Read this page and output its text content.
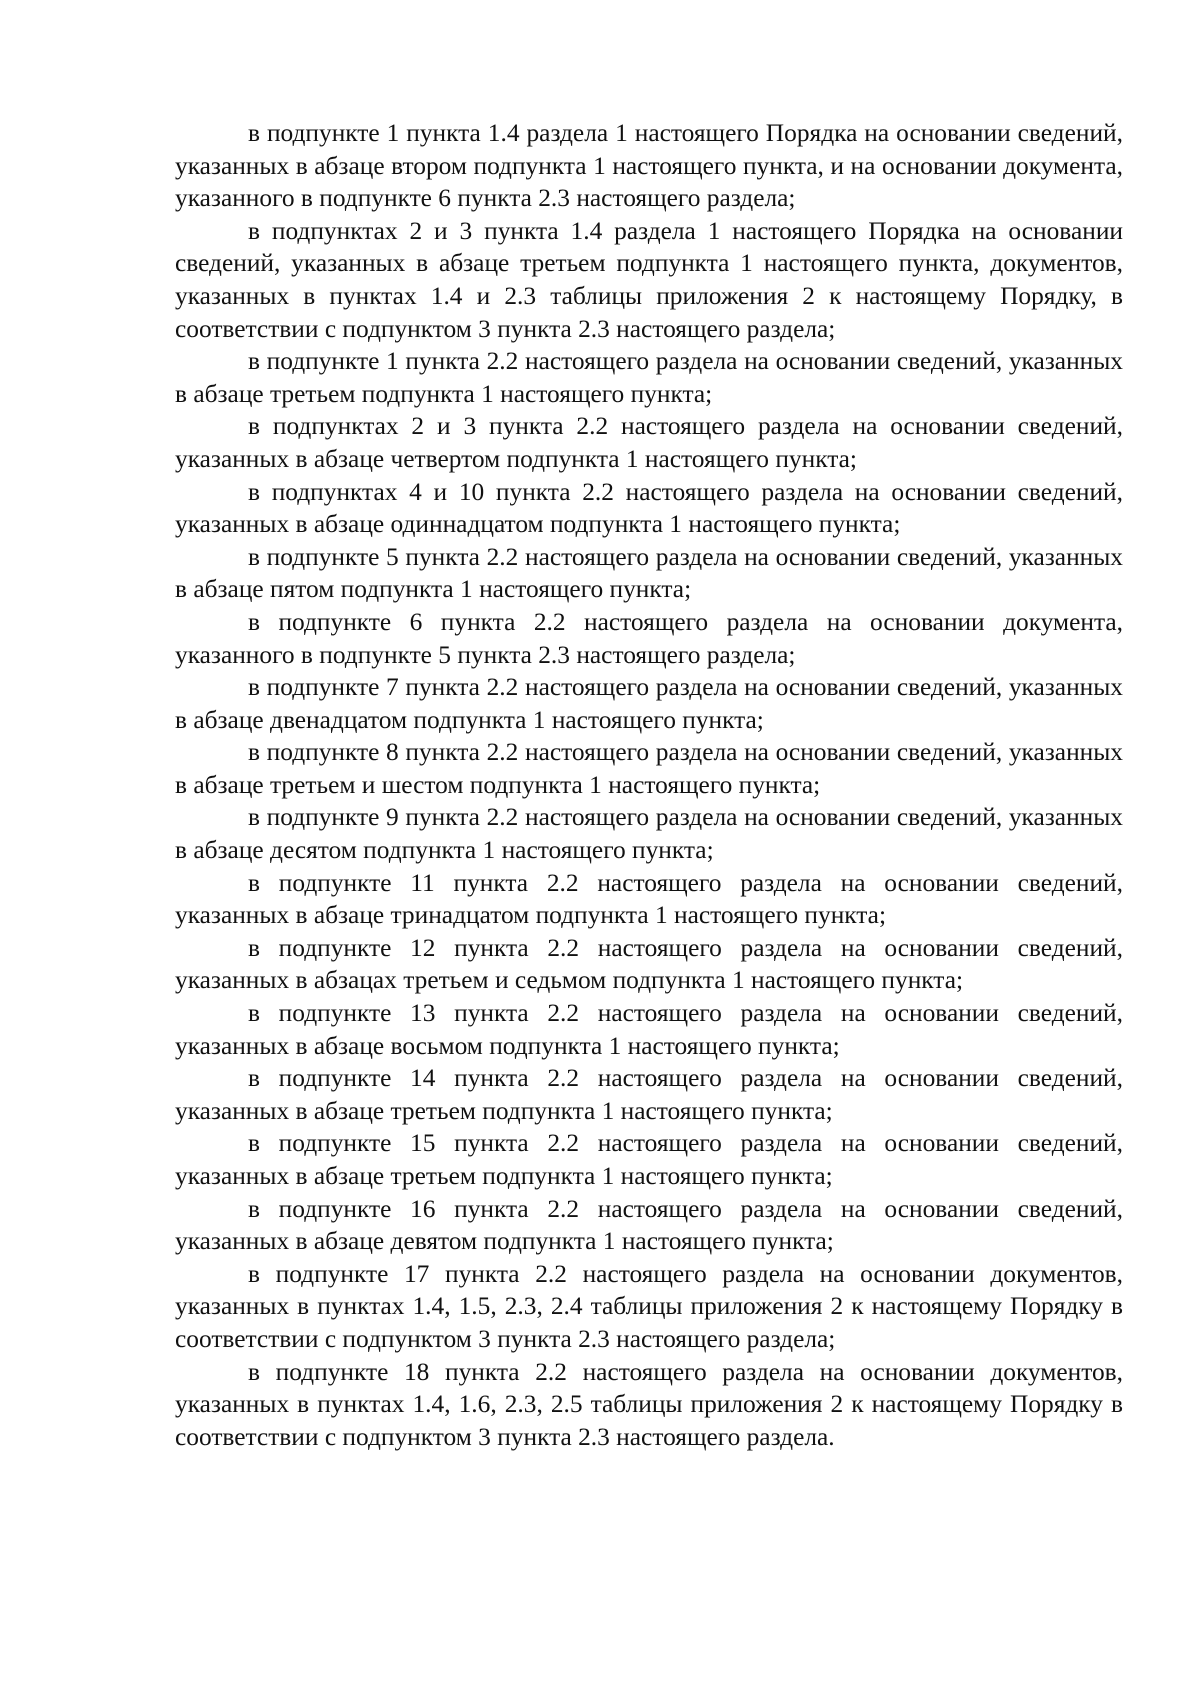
в подпункте 1 пункта 1.4 раздела 1 настоящего Порядка на основании сведений, указанных в абзаце втором подпункта 1 настоящего пункта, и на основании документа, указанного в подпункте 6 пункта 2.3 настоящего раздела;

в подпунктах 2 и 3 пункта 1.4 раздела 1 настоящего Порядка на основании сведений, указанных в абзаце третьем подпункта 1 настоящего пункта, документов, указанных в пунктах 1.4 и 2.3 таблицы приложения 2 к настоящему Порядку, в соответствии с подпунктом 3 пункта 2.3 настоящего раздела;

в подпункте 1 пункта 2.2 настоящего раздела на основании сведений, указанных в абзаце третьем подпункта 1 настоящего пункта;

в подпунктах 2 и 3 пункта 2.2 настоящего раздела на основании сведений, указанных в абзаце четвертом подпункта 1 настоящего пункта;

в подпунктах 4 и 10 пункта 2.2 настоящего раздела на основании сведений, указанных в абзаце одиннадцатом подпункта 1 настоящего пункта;

в подпункте 5 пункта 2.2 настоящего раздела на основании сведений, указанных в абзаце пятом подпункта 1 настоящего пункта;

в подпункте 6 пункта 2.2 настоящего раздела на основании документа, указанного в подпункте 5 пункта 2.3 настоящего раздела;

в подпункте 7 пункта 2.2 настоящего раздела на основании сведений, указанных в абзаце двенадцатом подпункта 1 настоящего пункта;

в подпункте 8 пункта 2.2 настоящего раздела на основании сведений, указанных в абзаце третьем и шестом подпункта 1 настоящего пункта;

в подпункте 9 пункта 2.2 настоящего раздела на основании сведений, указанных в абзаце десятом подпункта 1 настоящего пункта;

в подпункте 11 пункта 2.2 настоящего раздела на основании сведений, указанных в абзаце тринадцатом подпункта 1 настоящего пункта;

в подпункте 12 пункта 2.2 настоящего раздела на основании сведений, указанных в абзацах третьем и седьмом подпункта 1 настоящего пункта;

в подпункте 13 пункта 2.2 настоящего раздела на основании сведений, указанных в абзаце восьмом подпункта 1 настоящего пункта;

в подпункте 14 пункта 2.2 настоящего раздела на основании сведений, указанных в абзаце третьем подпункта 1 настоящего пункта;

в подпункте 15 пункта 2.2 настоящего раздела на основании сведений, указанных в абзаце третьем подпункта 1 настоящего пункта;

в подпункте 16 пункта 2.2 настоящего раздела на основании сведений, указанных в абзаце девятом подпункта 1 настоящего пункта;

в подпункте 17 пункта 2.2 настоящего раздела на основании документов, указанных в пунктах 1.4, 1.5, 2.3, 2.4 таблицы приложения 2 к настоящему Порядку в соответствии с подпунктом 3 пункта 2.3 настоящего раздела;

в подпункте 18 пункта 2.2 настоящего раздела на основании документов, указанных в пунктах 1.4, 1.6, 2.3, 2.5 таблицы приложения 2 к настоящему Порядку в соответствии с подпунктом 3 пункта 2.3 настоящего раздела.
